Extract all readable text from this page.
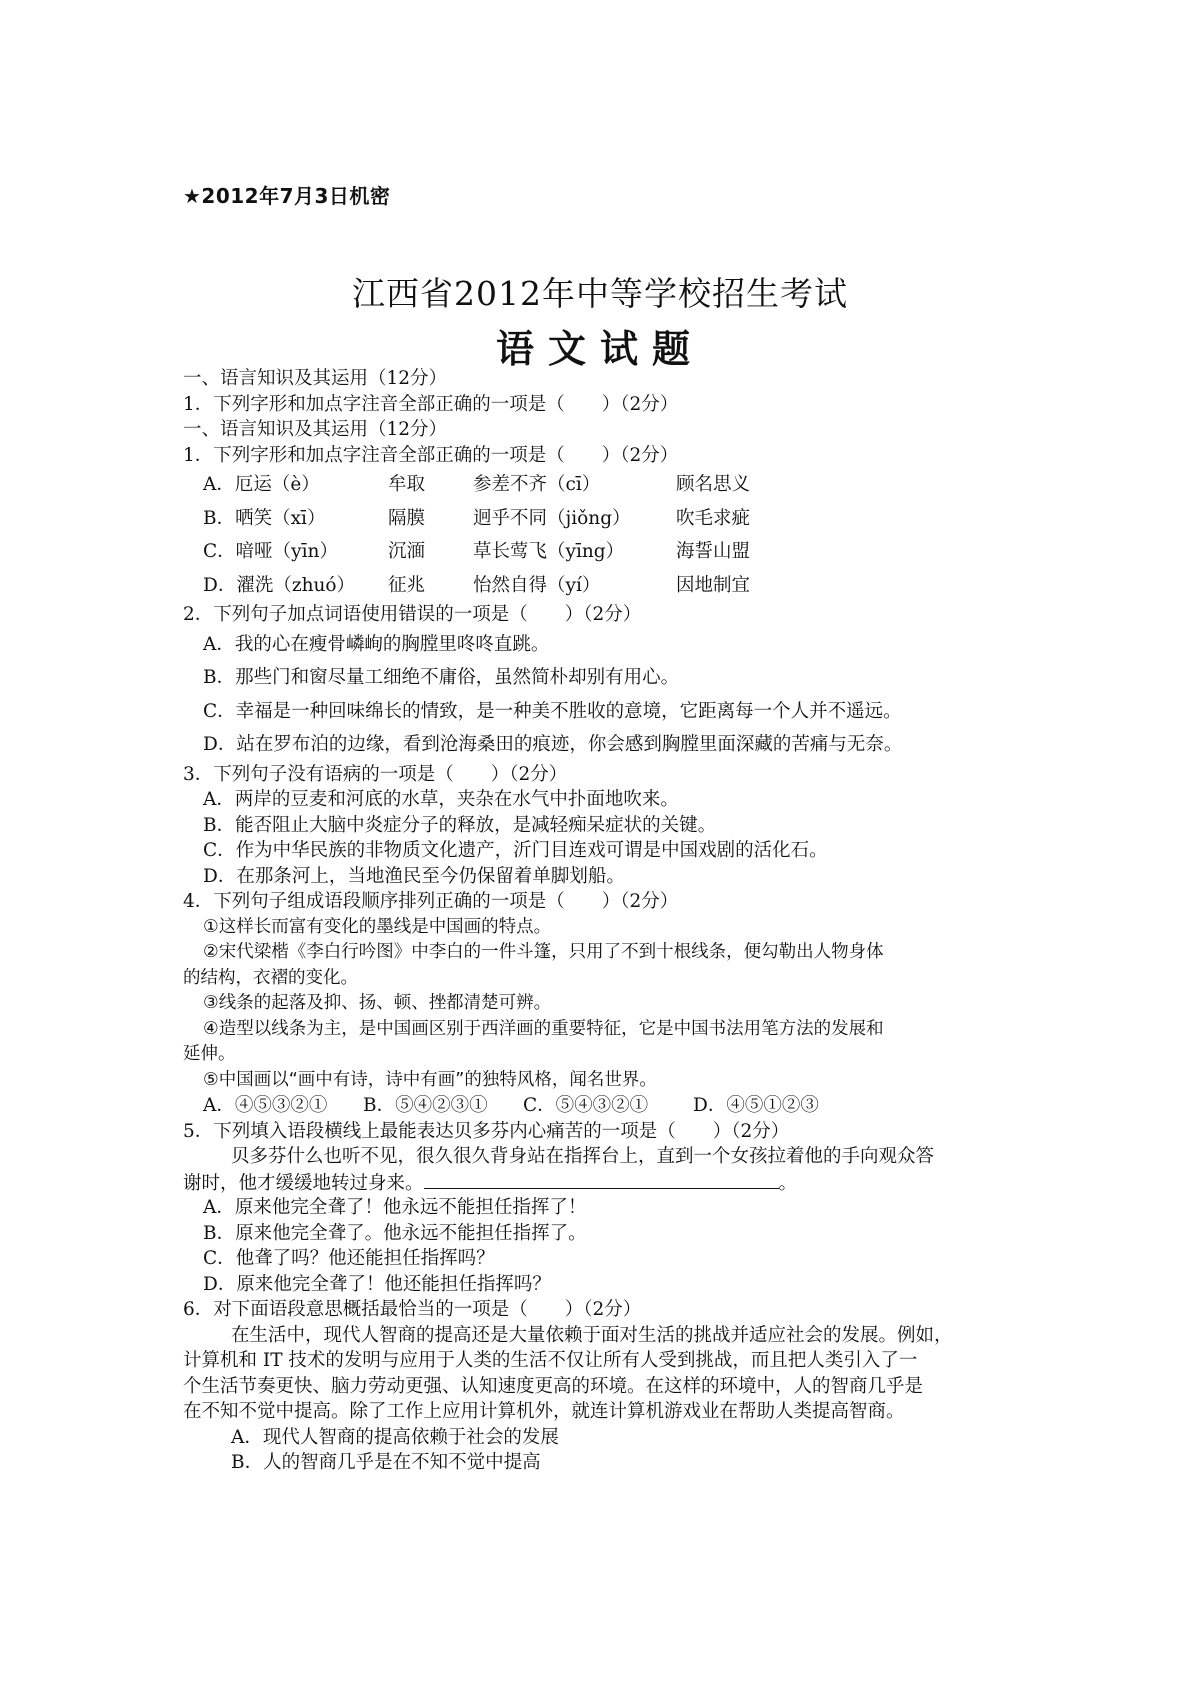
★2012年7月3日机密
江西省2012年中等学校招生考试
语文试题
一、语言知识及其运用（12分）
1．下列字形和加点字注音全部正确的一项是（　　）（2分）
一、语言知识及其运用（12分）
1．下列字形和加点字注音全部正确的一项是（　　）（2分）
A．厄运（è）	牟取	参差不齐（cī）	顾名思义
B．哂笑（xī）	隔膜	迥乎不同（jiǒng） 吹毛求疵
C．喑哑（yīn）	沉湎	草长莺飞（yīng）	海誓山盟
D．濯洗（zhuó） 征兆	怡然自得（yí）	因地制宜
2．下列句子加点词语使用错误的一项是（　　）（2分）
A．我的心在瘦骨嶙峋的胸膛里咚咚直跳。
B．那些门和窗尽量工细绝不庸俗，虽然简朴却别有用心。
C．幸福是一种回味绵长的情致，是一种美不胜收的意境，它距离每一个人并不遥远。
D．站在罗布泊的边缘，看到沧海桑田的痕迹，你会感到胸膛里面深藏的苦痛与无奈。
3．下列句子没有语病的一项是（　　）（2分）
A．两岸的豆麦和河底的水草，夹杂在水气中扑面地吹来。
B．能否阻止大脑中炎症分子的释放，是减轻痴呆症状的关键。
C．作为中华民族的非物质文化遗产，沂门目连戏可谓是中国戏剧的活化石。
D．在那条河上，当地渔民至今仍保留着单脚划船。
4．下列句子组成语段顺序排列正确的一项是（　　）（2分）
①这样长而富有变化的墨线是中国画的特点。
②宋代梁楷《李白行吟图》中李白的一件斗篷，只用了不到十根线条，便勾勒出人物身体
的结构，衣褶的变化。
③线条的起落及抑、扬、顿、挫都清楚可辨。
④造型以线条为主，是中国画区别于西洋画的重要特征，它是中国书法用笔方法的发展和
延伸。
⑤中国画以“画中有诗，诗中有画”的独特风格，闻名世界。
A．④⑤③②① B．⑤④②③① C．⑤④③②① D．④⑤①②③
5．下列填入语段横线上最能表达贝多芬内心痛苦的一项是（　　）（2分）
贝多芬什么也听不见，很久很久背身站在指挥台上，直到一个女孩拉着他的手向观众答
谢时，他才缓缓地转过身来。	。
A．原来他完全聋了！他永远不能担任指挥了！
B．原来他完全聋了。他永远不能担任指挥了。
C．他聋了吗？他还能担任指挥吗？
D．原来他完全聋了！他还能担任指挥吗？
6．对下面语段意思概括最恰当的一项是（　　）（2分）
在生活中，现代人智商的提高还是大量依赖于面对生活的挑战并适应社会的发展。例如，
计算机和 IT 技术的发明与应用于人类的生活不仅让所有人受到挑战，而且把人类引入了一
个生活节奏更快、脑力劳动更强、认知速度更高的环境。在这样的环境中，人的智商几乎是
在不知不觉中提高。除了工作上应用计算机外，就连计算机游戏业在帮助人类提高智商。
A．现代人智商的提高依赖于社会的发展
B．人的智商几乎是在不知不觉中提高
